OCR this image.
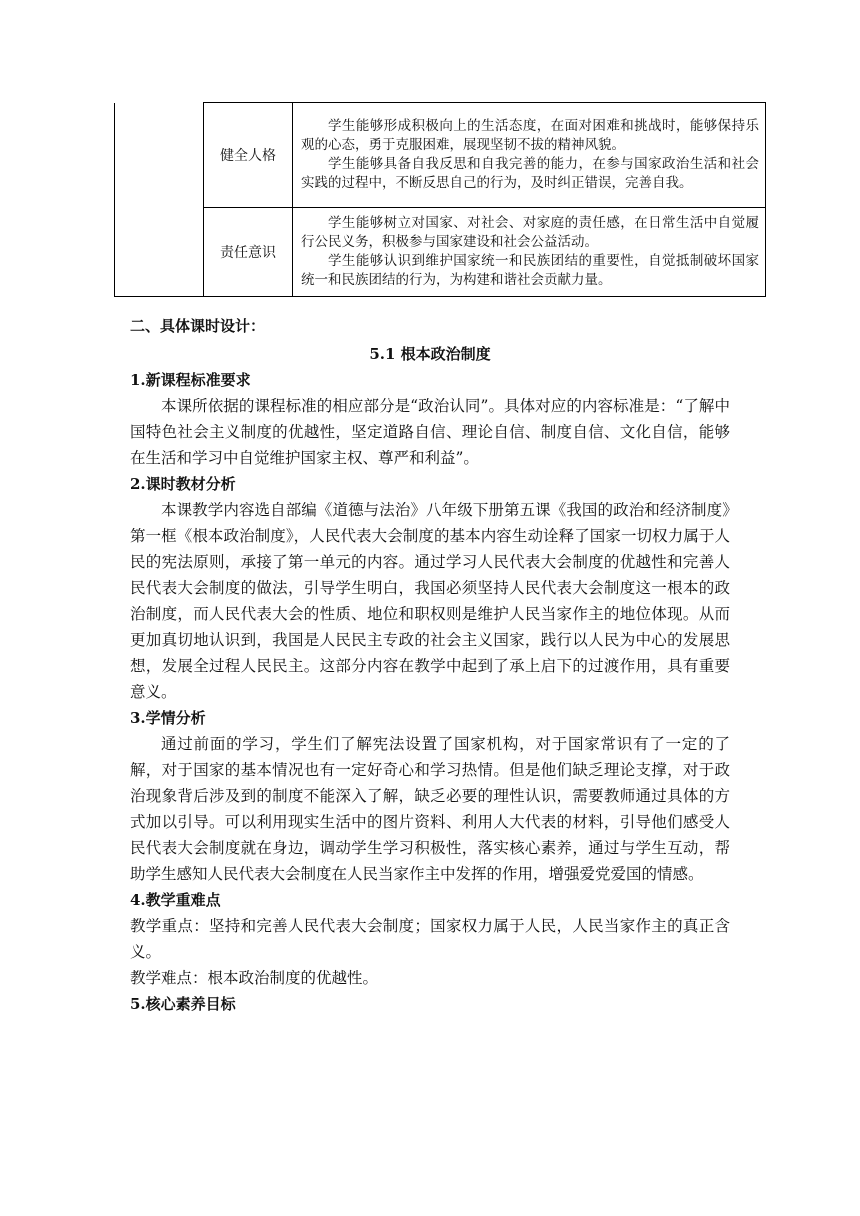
	健全人格	学生能够形成积极向上的生活态度，在面对困难和挑战时，能够保持乐观的心态，勇于克服困难，展现坚韧不拔的精神风貌。

学生能够具备自我反思和自我完善的能力，在参与国家政治生活和社会实践的过程中，不断反思自己的行为，及时纠正错误，完善自我。

	责任意识	学生能够树立对国家、对社会、对家庭的责任感，在日常生活中自觉履行公民义务，积极参与国家建设和社会公益活动。

学生能够认识到维护国家统一和民族团结的重要性，自觉抵制破坏国家统一和民族团结的行为，为构建和谐社会贡献力量。

二、具体课时设计：
5.1 根本政治制度
1.新课程标准要求

本课所依据的课程标准的相应部分是“政治认同”。具体对应的内容标准是：“了解中国特色社会主义制度的优越性，坚定道路自信、理论自信、制度自信、文化自信，能够在生活和学习中自觉维护国家主权、尊严和利益”。

2.课时教材分析

本课教学内容选自部编《道德与法治》八年级下册第五课《我国的政治和经济制度》第一框《根本政治制度》，人民代表大会制度的基本内容生动诠释了国家一切权力属于人民的宪法原则，承接了第一单元的内容。通过学习人民代表大会制度的优越性和完善人民代表大会制度的做法，引导学生明白，我国必须坚持人民代表大会制度这一根本的政治制度，而人民代表大会的性质、地位和职权则是维护人民当家作主的地位体现。从而更加真切地认识到，我国是人民民主专政的社会主义国家，践行以人民为中心的发展思想，发展全过程人民民主。这部分内容在教学中起到了承上启下的过渡作用，具有重要意义。

3.学情分析

通过前面的学习，学生们了解宪法设置了国家机构，对于国家常识有了一定的了解，对于国家的基本情况也有一定好奇心和学习热情。但是他们缺乏理论支撑，对于政治现象背后涉及到的制度不能深入了解，缺乏必要的理性认识，需要教师通过具体的方式加以引导。可以利用现实生活中的图片资料、利用人大代表的材料，引导他们感受人民代表大会制度就在身边，调动学生学习积极性，落实核心素养，通过与学生互动，帮助学生感知人民代表大会制度在人民当家作主中发挥的作用，增强爱党爱国的情感。

4.教学重难点

教学重点：坚持和完善人民代表大会制度；国家权力属于人民，人民当家作主的真正含义。

教学难点：根本政治制度的优越性。

5.核心素养目标
